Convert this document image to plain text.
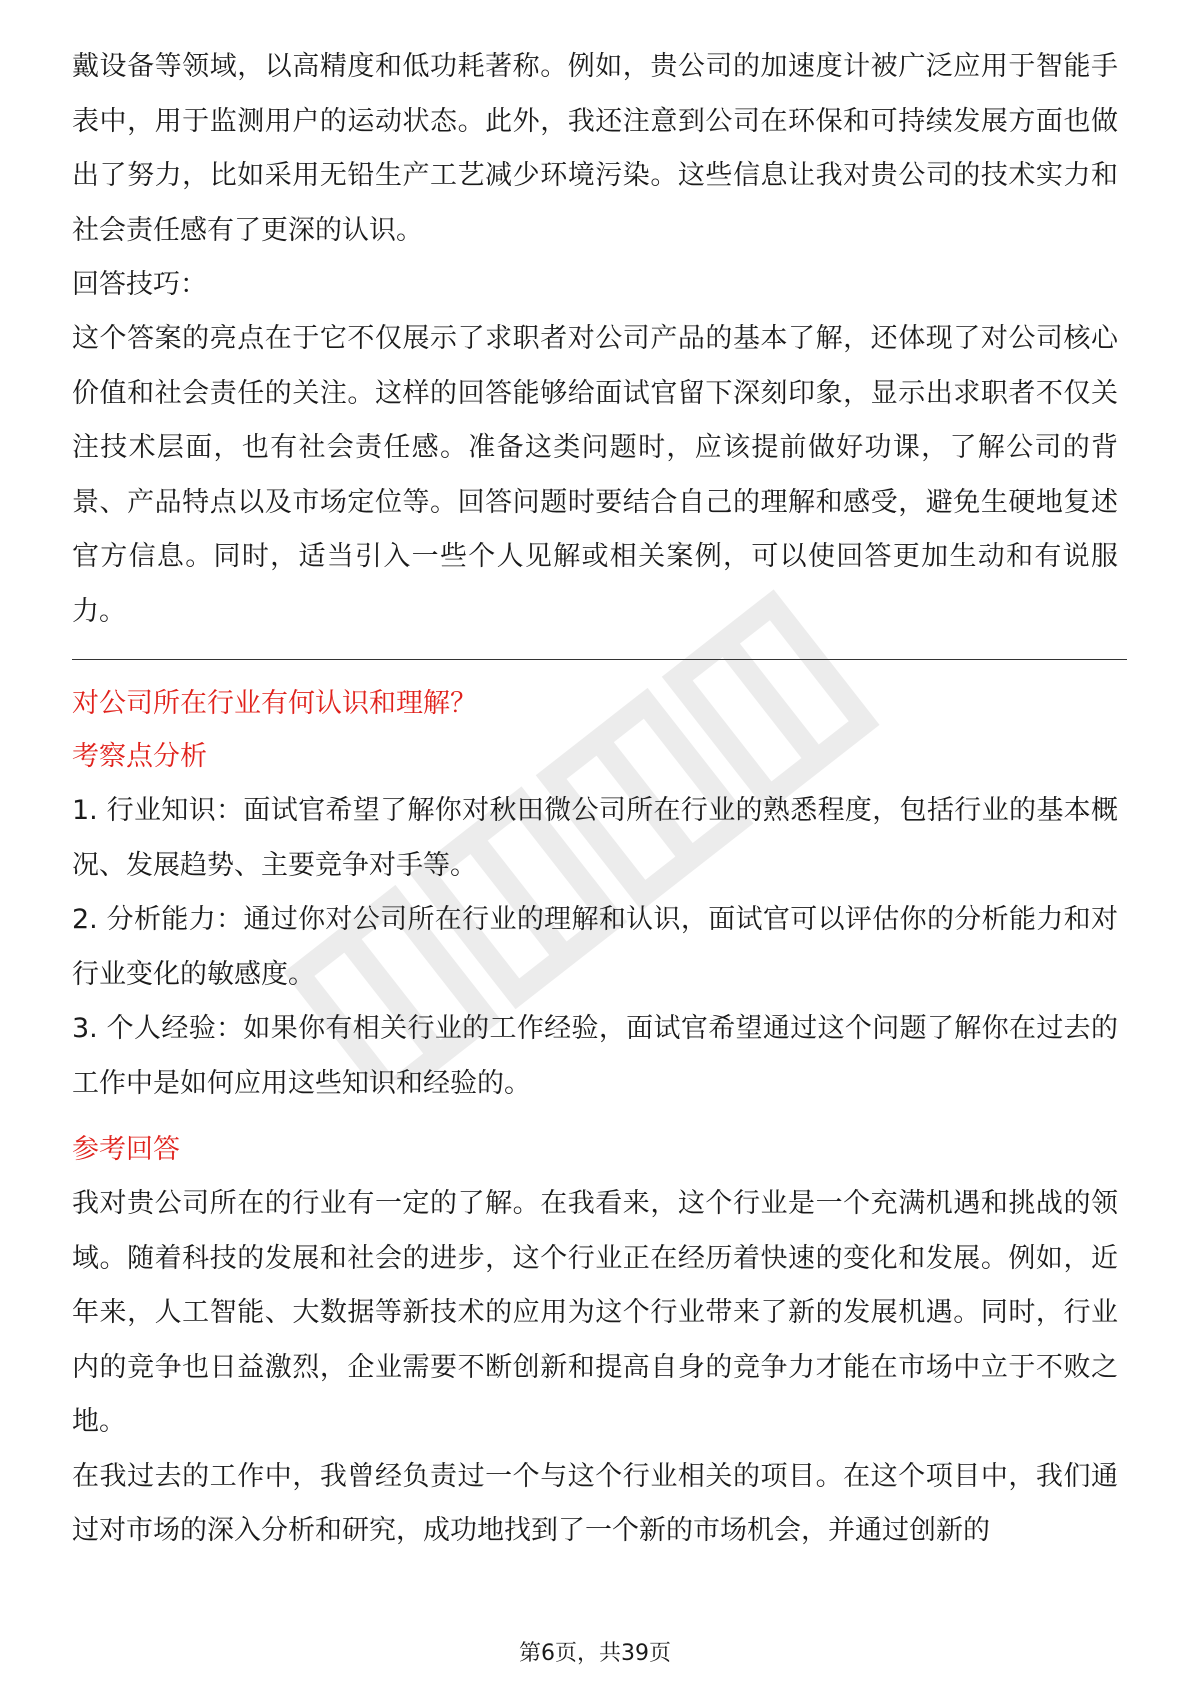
戴设备等领域，以高精度和低功耗著称。例如，贵公司的加速度计被广泛应用于智能手表中，用于监测用户的运动状态。此外，我还注意到公司在环保和可持续发展方面也做出了努力，比如采用无铅生产工艺减少环境污染。这些信息让我对贵公司的技术实力和社会责任感有了更深的认识。

回答技巧：

这个答案的亮点在于它不仅展示了求职者对公司产品的基本了解，还体现了对公司核心价值和社会责任的关注。这样的回答能够给面试官留下深刻印象，显示出求职者不仅关注技术层面，也有社会责任感。准备这类问题时，应该提前做好功课，了解公司的背景、产品特点以及市场定位等。回答问题时要结合自己的理解和感受，避免生硬地复述官方信息。同时，适当引入一些个人见解或相关案例，可以使回答更加生动和有说服力。

对公司所在行业有何认识和理解？

考察点分析

1. 行业知识：面试官希望了解你对秋田微公司所在行业的熟悉程度，包括行业的基本概况、发展趋势、主要竞争对手等。

2. 分析能力：通过你对公司所在行业的理解和认识，面试官可以评估你的分析能力和对行业变化的敏感度。

3. 个人经验：如果你有相关行业的工作经验，面试官希望通过这个问题了解你在过去的工作中是如何应用这些知识和经验的。

参考回答

我对贵公司所在的行业有一定的了解。在我看来，这个行业是一个充满机遇和挑战的领域。随着科技的发展和社会的进步，这个行业正在经历着快速的变化和发展。例如，近年来，人工智能、大数据等新技术的应用为这个行业带来了新的发展机遇。同时，行业内的竞争也日益激烈，企业需要不断创新和提高自身的竞争力才能在市场中立于不败之地。

在我过去的工作中，我曾经负责过一个与这个行业相关的项目。在这个项目中，我们通过对市场的深入分析和研究，成功地找到了一个新的市场机会，并通过创新的

第6页，共39页
